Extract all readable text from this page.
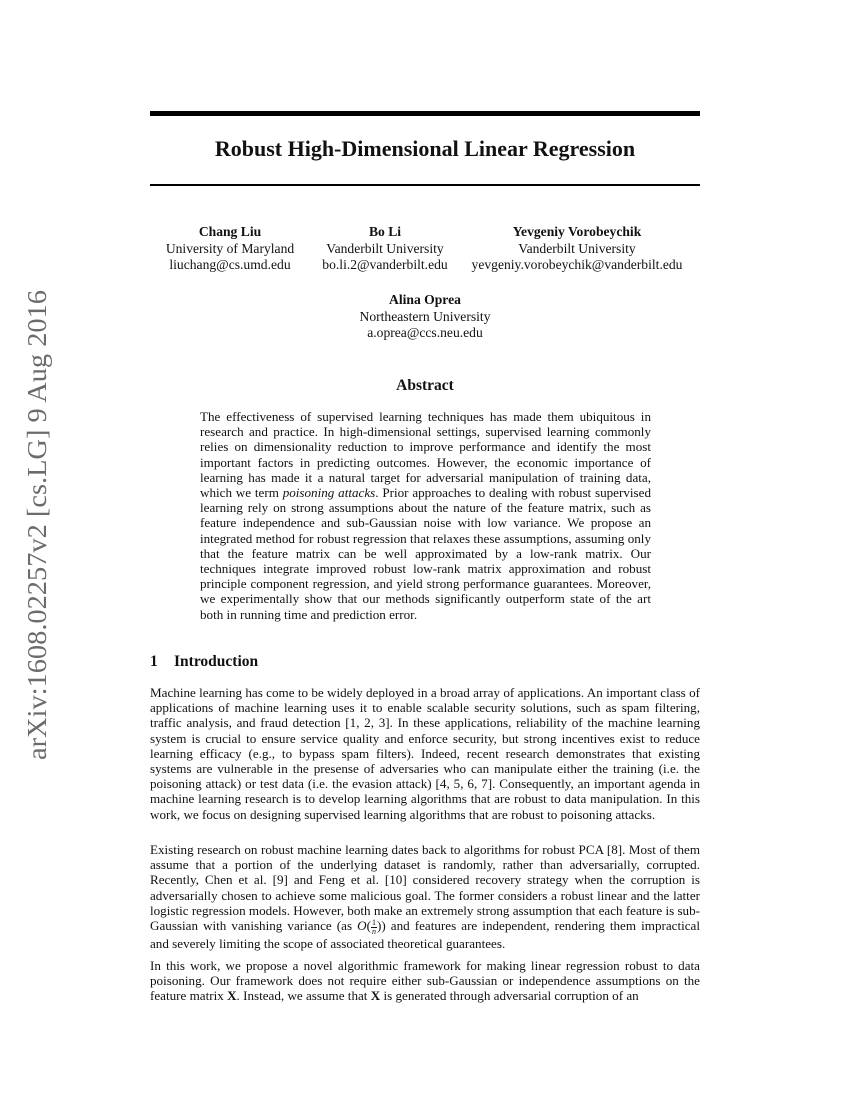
arXiv:1608.02257v2 [cs.LG] 9 Aug 2016
Robust High-Dimensional Linear Regression
Chang Liu
University of Maryland
liuchang@cs.umd.edu
Bo Li
Vanderbilt University
bo.li.2@vanderbilt.edu
Yevgeniy Vorobeychik
Vanderbilt University
yevgeniy.vorobeychik@vanderbilt.edu
Alina Oprea
Northeastern University
a.oprea@ccs.neu.edu
Abstract
The effectiveness of supervised learning techniques has made them ubiquitous in research and practice. In high-dimensional settings, supervised learning commonly relies on dimensionality reduction to improve performance and identify the most important factors in predicting outcomes. However, the economic importance of learning has made it a natural target for adversarial manipulation of training data, which we term poisoning attacks. Prior approaches to dealing with robust supervised learning rely on strong assumptions about the nature of the feature matrix, such as feature independence and sub-Gaussian noise with low variance. We propose an integrated method for robust regression that relaxes these assumptions, assuming only that the feature matrix can be well approximated by a low-rank matrix. Our techniques integrate improved robust low-rank matrix approximation and robust principle component regression, and yield strong performance guarantees. Moreover, we experimentally show that our methods significantly outperform state of the art both in running time and prediction error.
1 Introduction

Machine learning has come to be widely deployed in a broad array of applications. An important class of applications of machine learning uses it to enable scalable security solutions, such as spam filtering, traffic analysis, and fraud detection [1, 2, 3]. In these applications, reliability of the machine learning system is crucial to ensure service quality and enforce security, but strong incentives exist to reduce learning efficacy (e.g., to bypass spam filters). Indeed, recent research demonstrates that existing systems are vulnerable in the presense of adversaries who can manipulate either the training (i.e. the poisoning attack) or test data (i.e. the evasion attack) [4, 5, 6, 7]. Consequently, an important agenda in machine learning research is to develop learning algorithms that are robust to data manipulation. In this work, we focus on designing supervised learning algorithms that are robust to poisoning attacks.

Existing research on robust machine learning dates back to algorithms for robust PCA [8]. Most of them assume that a portion of the underlying dataset is randomly, rather than adversarially, corrupted. Recently, Chen et al. [9] and Feng et al. [10] considered recovery strategy when the corruption is adversarially chosen to achieve some malicious goal. The former considers a robust linear and the latter logistic regression models. However, both make an extremely strong assumption that each feature is sub-Gaussian with vanishing variance (as $O( \frac{1}{n}$ )) and features are independent, rendering them impractical and severely limiting the scope of associated theoretical guarantees.

In this work, we propose a novel algorithmic framework for making linear regression robust to data poisoning. Our framework does not require either sub-Gaussian or independence assumptions on the feature matrix X. Instead, we assume that X is generated through adversarial corruption of an
